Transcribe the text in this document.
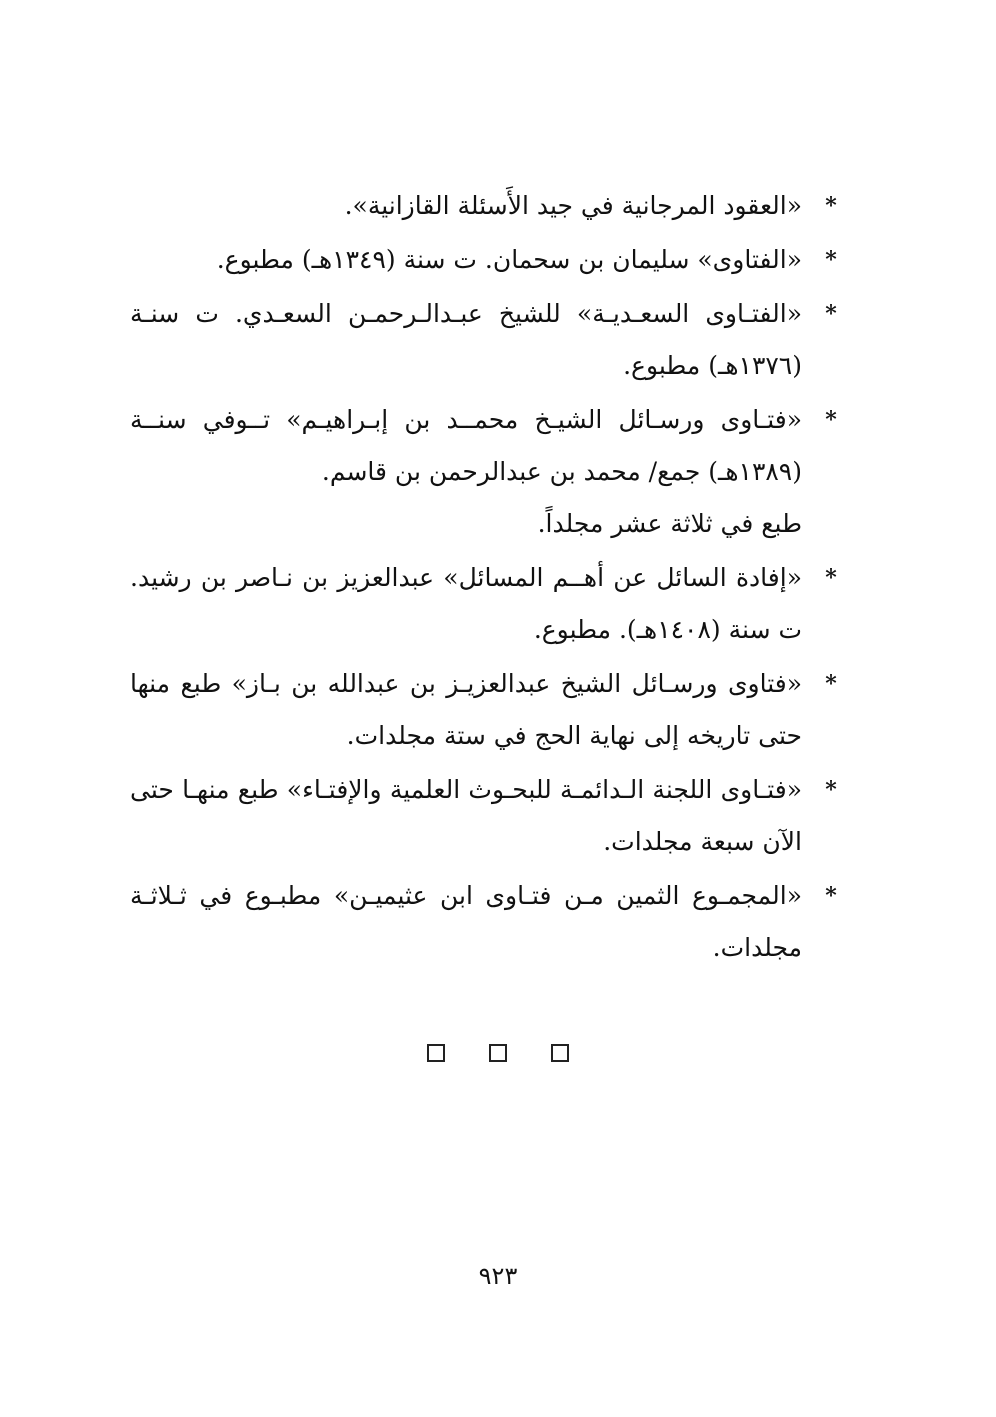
*
«العقود المرجانية في جيد الأَسئلة القازانية».
*
«الفتاوى» سليمان بن سحمان. ت سنة (١٣٤٩هـ) مطبوع.
*
«الفتـاوى السعـديـة» للشيخ عبـدالـرحمـن السعـدي. ت سنـة (١٣٧٦هـ) مطبوع.
*
«فتـاوى ورسـائل الشيـخ محمــد بن إبـراهيـم» تــوفي سنــة (١٣٨٩هـ) جمع/ محمد بن عبدالرحمن بن قاسم.
طبع في ثلاثة عشر مجلداً.
*
«إفادة السائل عن أهــم المسائل» عبدالعزيز بن نـاصر بن رشيد. ت سنة (١٤٠٨هـ). مطبوع.
*
«فتاوى ورسـائل الشيخ عبدالعزيـز بن عبدالله بن بـاز» طبع منها حتى تاريخه إلى نهاية الحج في ستة مجلدات.
*
«فتـاوى اللجنة الـدائمـة للبحـوث العلمية والإفتـاء» طبع منهـا حتى الآن سبعة مجلدات.
*
«المجمـوع الثمين مـن فتـاوى ابن عثيميـن» مطبـوع في ثـلاثـة مجلدات.
٩٢٣
